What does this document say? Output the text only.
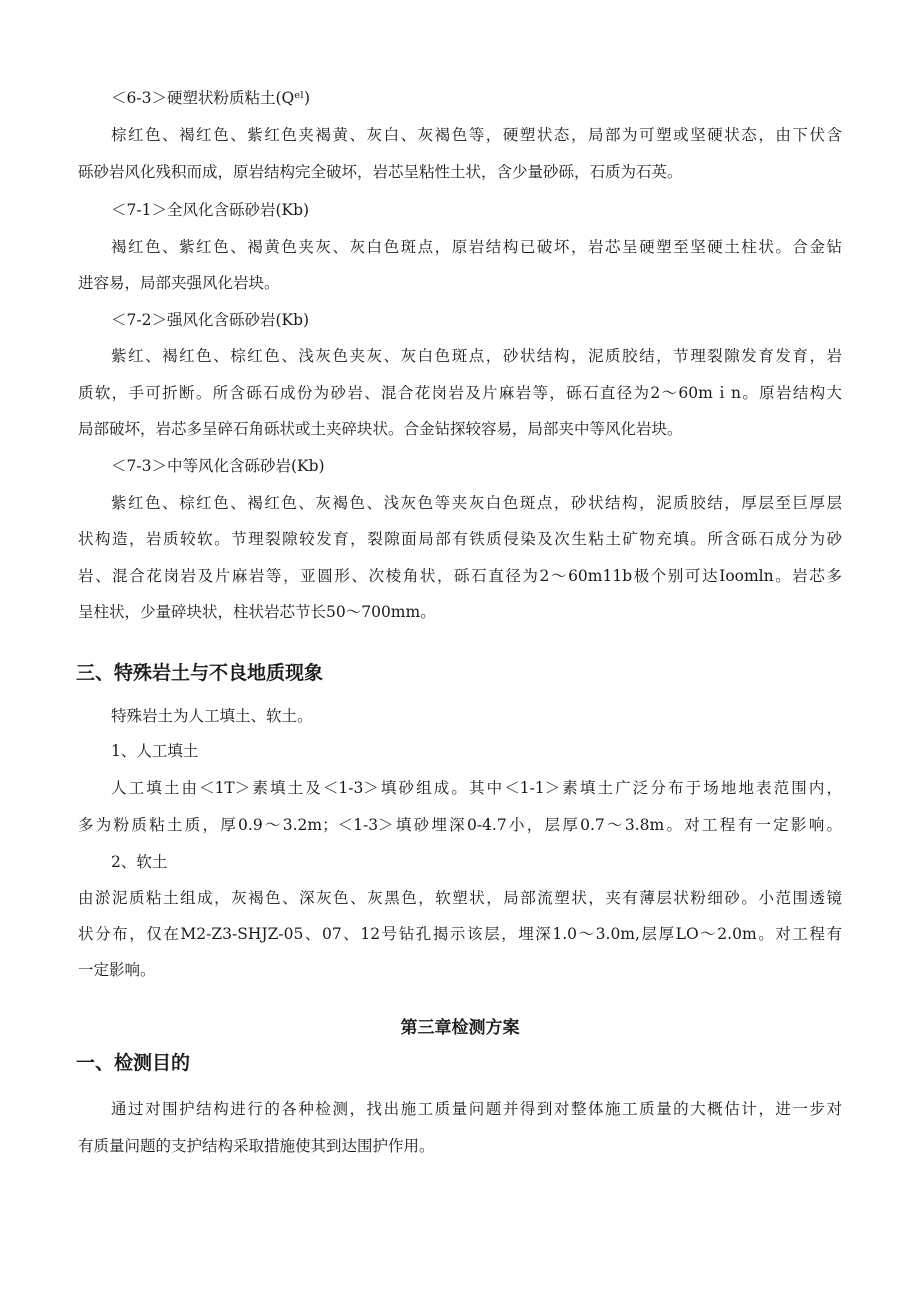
＜6-3＞硬塑状粉质粘土(Qᵉˡ)
棕红色、褐红色、紫红色夹褐黄、灰白、灰褐色等，硬塑状态，局部为可塑或坚硬状态，由下伏含
砾砂岩风化残积而成，原岩结构完全破坏，岩芯呈粘性土状，含少量砂砾，石质为石英。
＜7-1＞全风化含砾砂岩(Kb)
褐红色、紫红色、褐黄色夹灰、灰白色斑点，原岩结构已破坏，岩芯呈硬塑至坚硬土柱状。合金钻
进容易，局部夹强风化岩块。
＜7-2＞强风化含砾砂岩(Kb)
紫红、褐红色、棕红色、浅灰色夹灰、灰白色斑点，砂状结构，泥质胶结，节理裂隙发育发育，岩
质软，手可折断。所含砾石成份为砂岩、混合花岗岩及片麻岩等，砾石直径为2～60mｉn。原岩结构大
局部破坏，岩芯多呈碎石角砾状或土夹碎块状。合金钻探较容易，局部夹中等风化岩块。
＜7-3＞中等风化含砾砂岩(Kb)
紫红色、棕红色、褐红色、灰褐色、浅灰色等夹灰白色斑点，砂状结构，泥质胶结，厚层至巨厚层
状构造，岩质较软。节理裂隙较发育，裂隙面局部有铁质侵染及次生粘土矿物充填。所含砾石成分为砂
岩、混合花岗岩及片麻岩等，亚圆形、次棱角状，砾石直径为2～60m11b极个别可达Ioomln。岩芯多
呈柱状，少量碎块状，柱状岩芯节长50～700mm。
三、特殊岩土与不良地质现象
特殊岩土为人工填土、软土。
1、人工填土
人工填土由＜1T＞素填土及＜1-3＞填砂组成。其中＜1-1＞素填土广泛分布于场地地表范围内，
多为粉质粘土质，厚0.9～3.2m；＜1-3＞填砂埋深0-4.7小，层厚0.7～3.8m。对工程有一定影响。
2、软土
由淤泥质粘土组成，灰褐色、深灰色、灰黑色，软塑状，局部流塑状，夹有薄层状粉细砂。小范围透镜
状分布，仅在M2-Z3-SHJZ-05、07、12号钻孔揭示该层，埋深1.0～3.0m,层厚LO～2.0m。对工程有
一定影响。
第三章检测方案
一、检测目的
通过对围护结构进行的各种检测，找出施工质量问题并得到对整体施工质量的大概估计，进一步对
有质量问题的支护结构采取措施使其到达围护作用。
